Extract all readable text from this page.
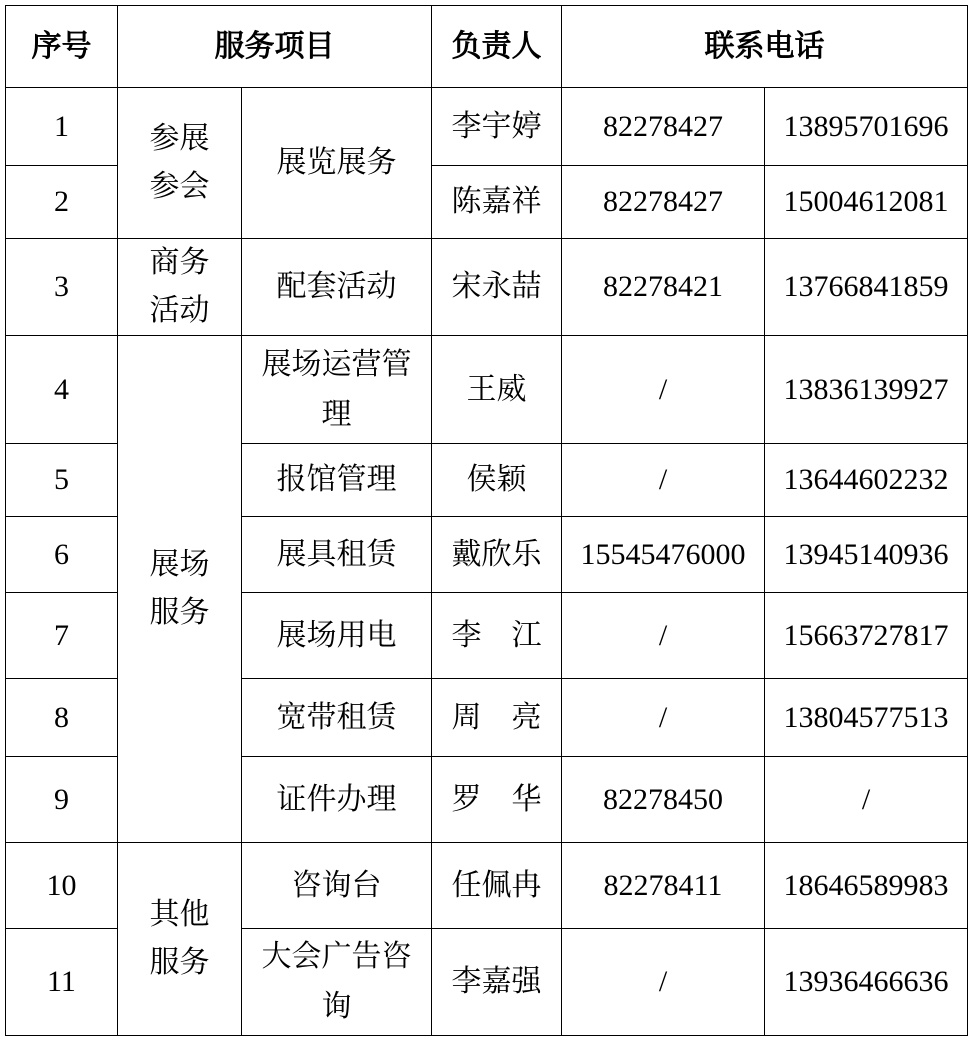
序号	服务项目		负责人	联系电话	
1	参展参会	展览展务	李宇婷	82278427	13895701696
2			陈嘉祥	82278427	15004612081
3	商务活动	配套活动	宋永喆	82278421	13766841859
4	展场服务	展场运营管理	王威	/	13836139927
5		报馆管理	侯颖	/	13644602232
6		展具租赁	戴欣乐	15545476000	13945140936
7		展场用电	李　江	/	15663727817
8		宽带租赁	周　亮	/	13804577513
9		证件办理	罗　华	82278450	/
10	其他服务	咨询台	任佩冉	82278411	18646589983
11		大会广告咨询	李嘉强	/	13936466636
